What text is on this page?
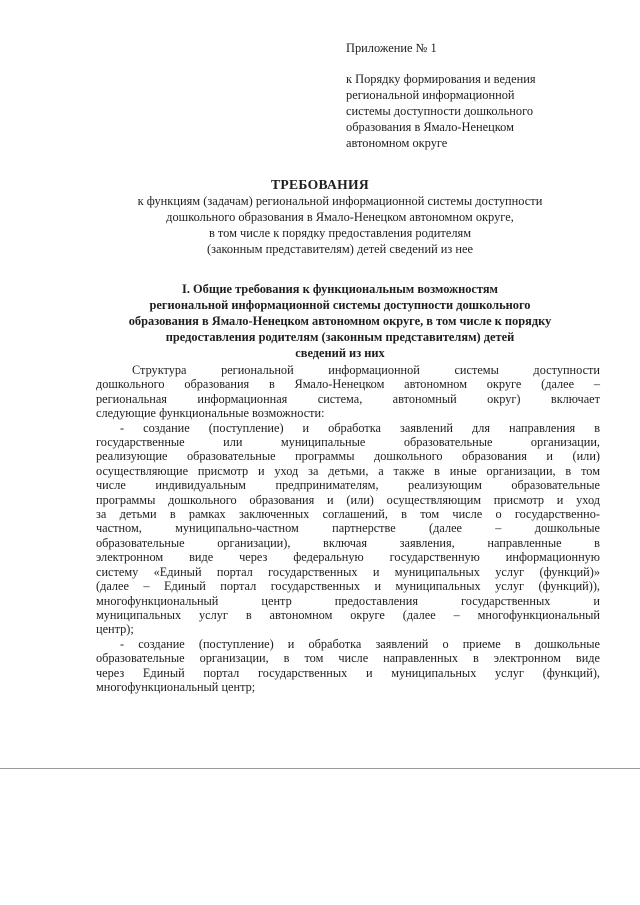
Приложение № 1
к Порядку формирования и ведения
региональной информационной
системы доступности дошкольного
образования в Ямало-Ненецком
автономном округе
ТРЕБОВАНИЯ
к функциям (задачам) региональной информационной системы доступности
дошкольного образования в Ямало-Ненецком автономном округе,
в том числе к порядку предоставления родителям
(законным представителям) детей сведений из нее
I. Общие требования к функциональным возможностям
региональной информационной системы доступности дошкольного
образования в Ямало-Ненецком автономном округе, в том числе к порядку
предоставления родителям (законным представителям) детей
сведений из них
Структура региональной информационной системы доступности
дошкольного образования в Ямало-Ненецком автономном округе (далее –
региональная информационная система, автономный округ) включает
следующие функциональные возможности:
- создание (поступление) и обработка заявлений для направления в
государственные или муниципальные образовательные организации,
реализующие образовательные программы дошкольного образования и (или)
осуществляющие присмотр и уход за детьми, а также в иные организации, в том
числе индивидуальным предпринимателям, реализующим образовательные
программы дошкольного образования и (или) осуществляющим присмотр и уход
за детьми в рамках заключенных соглашений, в том числе о государственно-
частном, муниципально-частном партнерстве (далее – дошкольные
образовательные организации), включая заявления, направленные в
электронном виде через федеральную государственную информационную
систему «Единый портал государственных и муниципальных услуг (функций)»
(далее – Единый портал государственных и муниципальных услуг (функций)),
многофункциональный центр предоставления государственных и
муниципальных услуг в автономном округе (далее – многофункциональный
центр);
- создание (поступление) и обработка заявлений о приеме в дошкольные
образовательные организации, в том числе направленных в электронном виде
через Единый портал государственных и муниципальных услуг (функций),
многофункциональный центр;
